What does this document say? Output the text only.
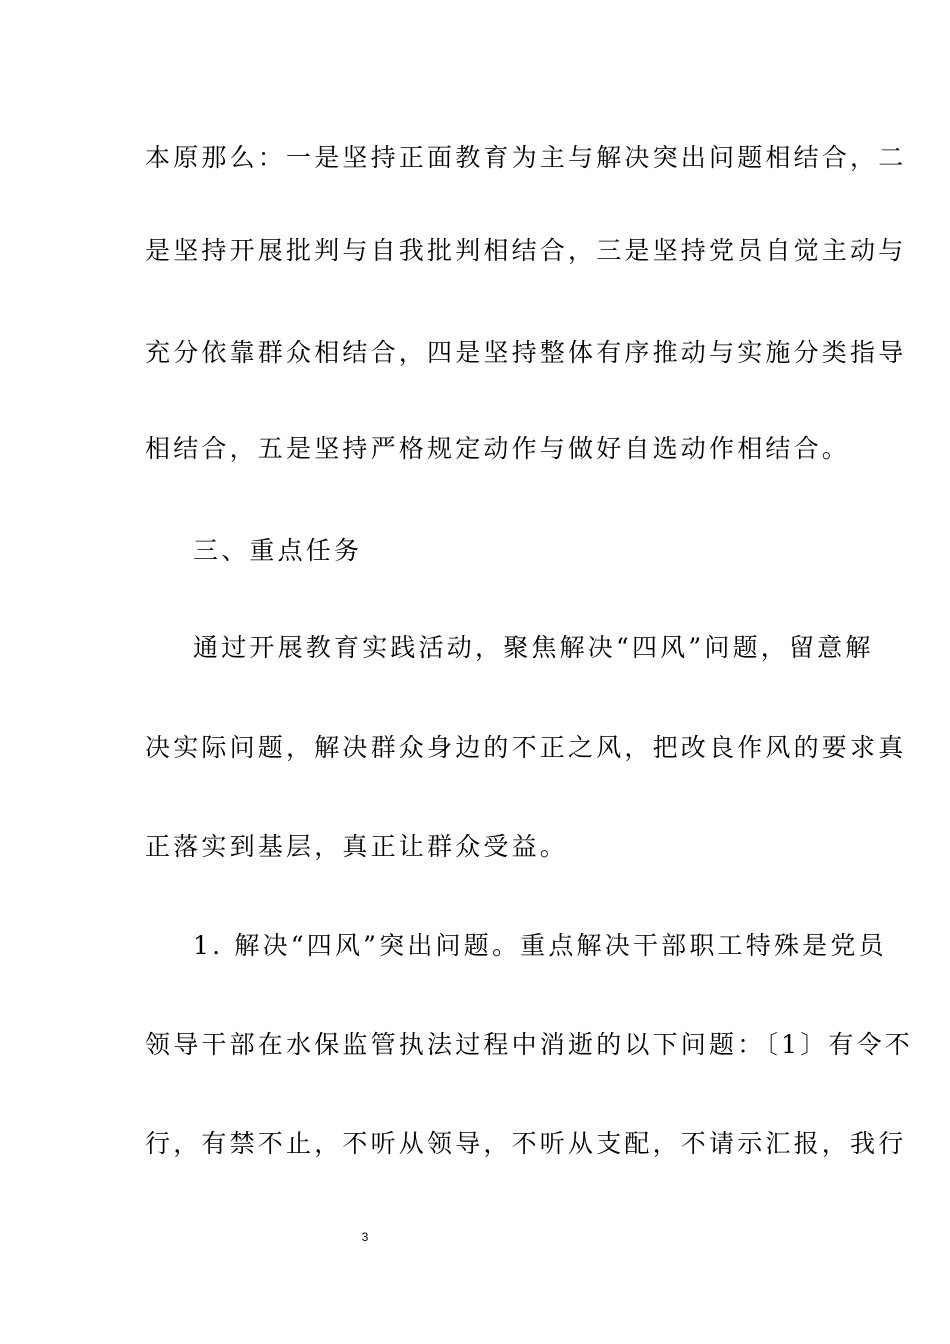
本原那么：一是坚持正面教育为主与解决突出问题相结合，二
是坚持开展批判与自我批判相结合，三是坚持党员自觉主动与
充分依靠群众相结合，四是坚持整体有序推动与实施分类指导
相结合，五是坚持严格规定动作与做好自选动作相结合。
三、重点任务
通过开展教育实践活动，聚焦解决“四风”问题，留意解
决实际问题，解决群众身边的不正之风，把改良作风的要求真
正落实到基层，真正让群众受益。
1. 解决“四风”突出问题。重点解决干部职工特殊是党员
领导干部在水保监管执法过程中消逝的以下问题：〔1〕有令不
行，有禁不止，不听从领导，不听从支配，不请示汇报，我行
3
